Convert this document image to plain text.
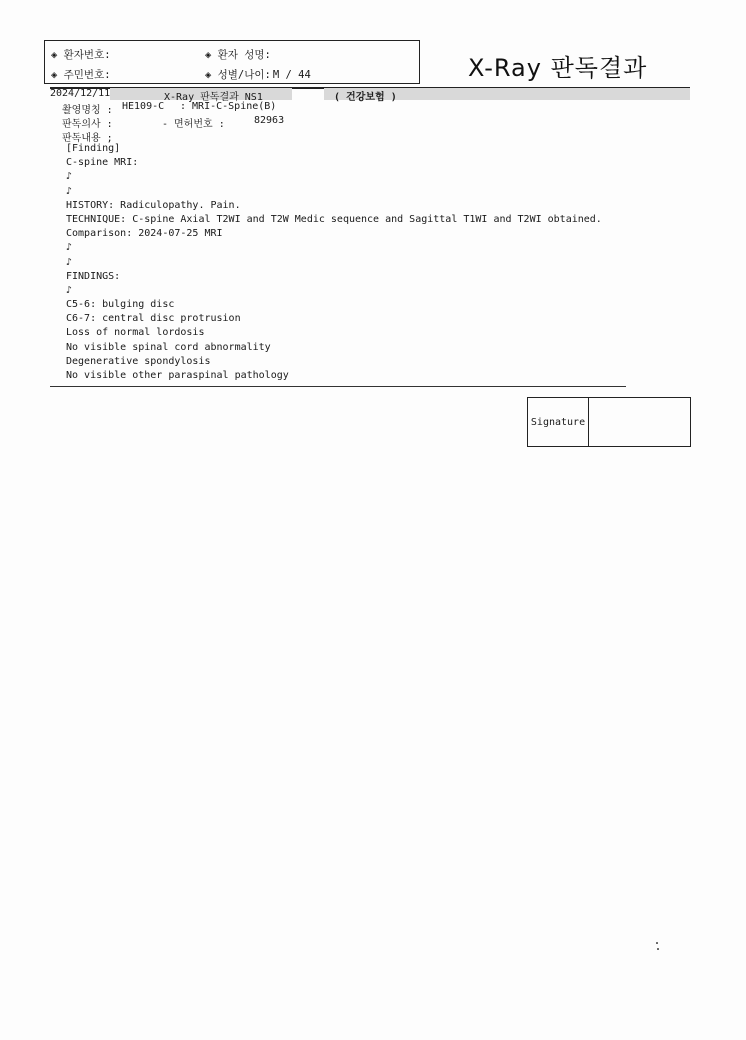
◈ 환자번호:	◈ 환자 성명:
◈ 주민번호:	◈ 성별/나이: M / 44	X-Ray 판독결과
2024/12/11	X-Ray 판독결과 NS1	( 건강보험 )
촬영명칭 : HE109-C : MRI-C-Spine(B)
판독의사 :	- 면허번호 :	82963
판독내용 ;
[Finding]
C-spine MRI:
♪
♪
HISTORY: Radiculopathy. Pain.
TECHNIQUE: C-spine Axial T2WI and T2W Medic sequence and Sagittal T1WI and T2WI obtained.
Comparison: 2024-07-25 MRI
♪
♪
FINDINGS:
♪
C5-6: bulging disc
C6-7: central disc protrusion
Loss of normal lordosis
No visible spinal cord abnormality
Degenerative spondylosis
No visible other paraspinal pathology
Signature
